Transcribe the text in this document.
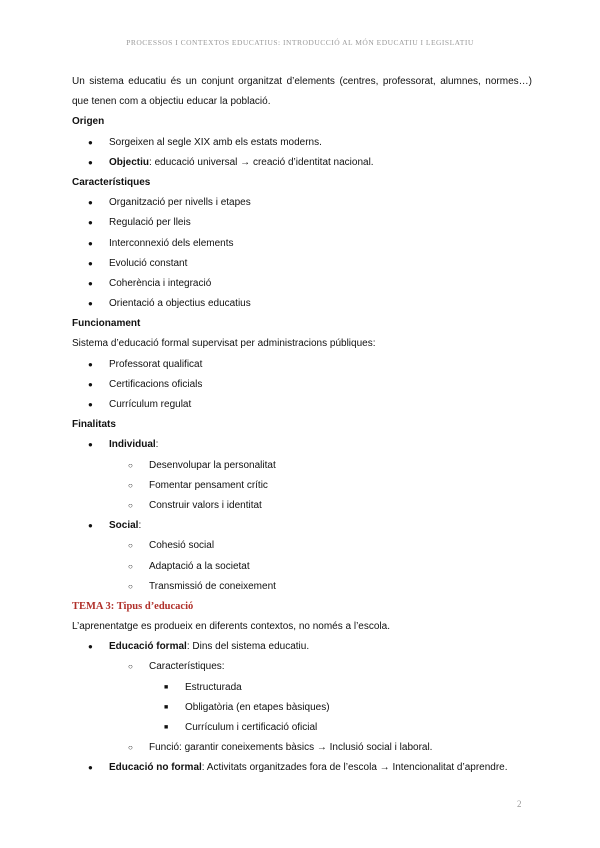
PROCESSOS I CONTEXTOS EDUCATIUS: INTRODUCCIÓ AL MÓN EDUCATIU I LEGISLATIU
Un sistema educatiu és un conjunt organitzat d’elements (centres, professorat, alumnes, normes…)
que tenen com a objectiu educar la població.
Origen
● Sorgeixen al segle XIX amb els estats moderns.
● Objectiu: educació universal → creació d’identitat nacional.
Característiques
● Organització per nivells i etapes
● Regulació per lleis
● Interconnexió dels elements
● Evolució constant
● Coherència i integració
● Orientació a objectius educatius
Funcionament
Sistema d’educació formal supervisat per administracions públiques:
● Professorat qualificat
● Certificacions oficials
● Currículum regulat
Finalitats
● Individual:
○ Desenvolupar la personalitat
○ Fomentar pensament crític
○ Construir valors i identitat
● Social:
○ Cohesió social
○ Adaptació a la societat
○ Transmissió de coneixement
TEMA 3: Tipus d’educació
L’aprenentatge es produeix en diferents contextos, no només a l’escola.
● Educació formal: Dins del sistema educatiu.
○ Característiques:
■ Estructurada
■ Obligatòria (en etapes bàsiques)
■ Currículum i certificació oficial
○ Funció: garantir coneixements bàsics → Inclusió social i laboral.
● Educació no formal: Activitats organitzades fora de l’escola → Intencionalitat d’aprendre.
2
